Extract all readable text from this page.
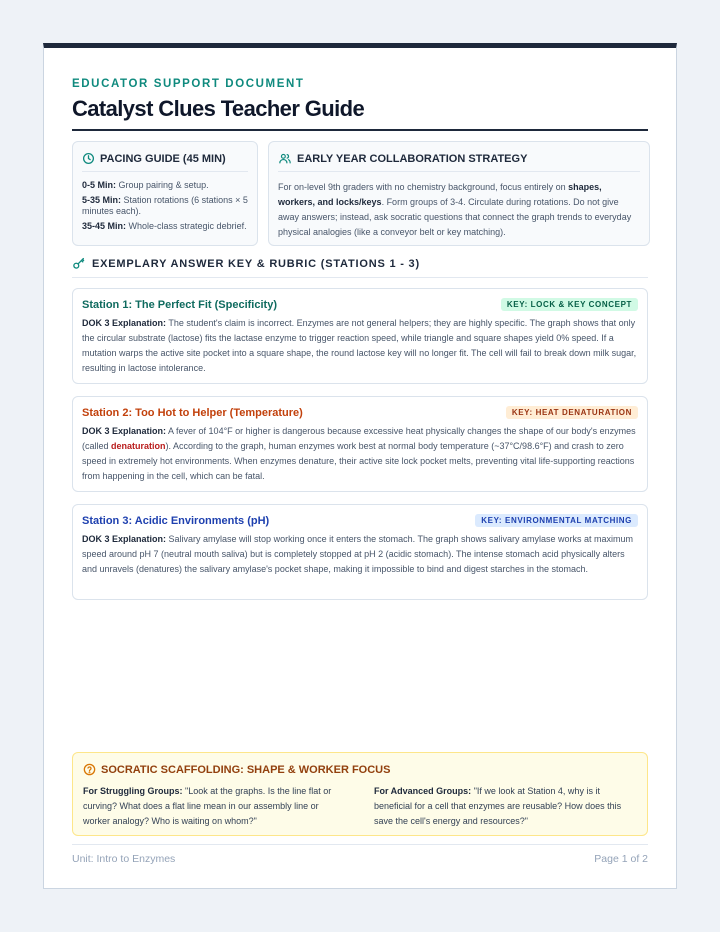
EDUCATOR SUPPORT DOCUMENT
Catalyst Clues Teacher Guide
PACING GUIDE (45 MIN)
0-5 Min: Group pairing & setup.
5-35 Min: Station rotations (6 stations × 5 minutes each).
35-45 Min: Whole-class strategic debrief.
EARLY YEAR COLLABORATION STRATEGY
For on-level 9th graders with no chemistry background, focus entirely on shapes, workers, and locks/keys. Form groups of 3-4. Circulate during rotations. Do not give away answers; instead, ask socratic questions that connect the graph trends to everyday physical analogies (like a conveyor belt or key matching).
EXEMPLARY ANSWER KEY & RUBRIC (STATIONS 1 - 3)
Station 1: The Perfect Fit (Specificity)	KEY: LOCK & KEY CONCEPT
DOK 3 Explanation: The student's claim is incorrect. Enzymes are not general helpers; they are highly specific. The graph shows that only the circular substrate (lactose) fits the lactase enzyme to trigger reaction speed, while triangle and square shapes yield 0% speed. If a mutation warps the active site pocket into a square shape, the round lactose key will no longer fit. The cell will fail to break down milk sugar, resulting in lactose intolerance.
Station 2: Too Hot to Helper (Temperature)	KEY: HEAT DENATURATION
DOK 3 Explanation: A fever of 104°F or higher is dangerous because excessive heat physically changes the shape of our body's enzymes (called denaturation). According to the graph, human enzymes work best at normal body temperature (~37°C/98.6°F) and crash to zero speed in extremely hot environments. When enzymes denature, their active site lock pocket melts, preventing vital life-supporting reactions from happening in the cell, which can be fatal.
Station 3: Acidic Environments (pH)	KEY: ENVIRONMENTAL MATCHING
DOK 3 Explanation: Salivary amylase will stop working once it enters the stomach. The graph shows salivary amylase works at maximum speed around pH 7 (neutral mouth saliva) but is completely stopped at pH 2 (acidic stomach). The intense stomach acid physically alters and unravels (denatures) the salivary amylase's pocket shape, making it impossible to bind and digest starches in the stomach.
SOCRATIC SCAFFOLDING: SHAPE & WORKER FOCUS
For Struggling Groups: "Look at the graphs. Is the line flat or curving? What does a flat line mean in our assembly line or worker analogy? Who is waiting on whom?"
For Advanced Groups: "If we look at Station 4, why is it beneficial for a cell that enzymes are reusable? How does this save the cell's energy and resources?"
Unit: Intro to Enzymes	Page 1 of 2
